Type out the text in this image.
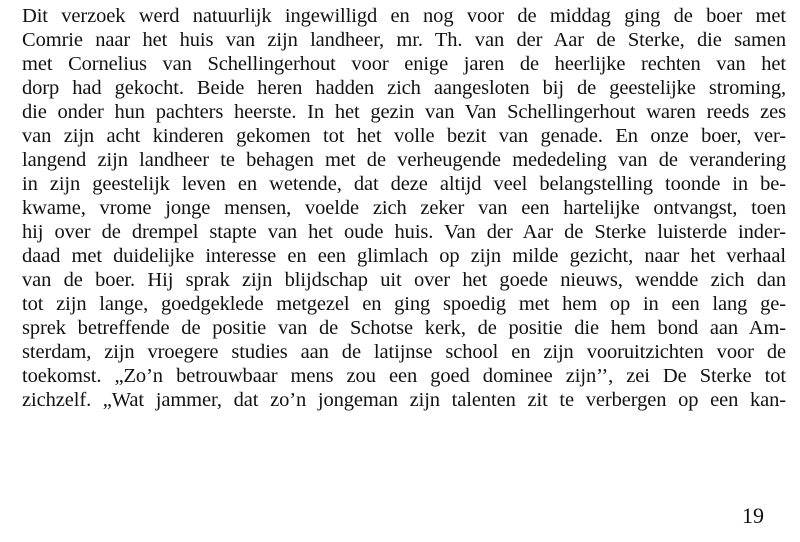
Dit verzoek werd natuurlijk ingewilligd en nog voor de middag ging de boer met
Comrie naar het huis van zijn landheer, mr. Th. van der Aar de Sterke, die samen
met Cornelius van Schellingerhout voor enige jaren de heerlijke rechten van het
dorp had gekocht. Beide heren hadden zich aangesloten bij de geestelijke stroming,
die onder hun pachters heerste. In het gezin van Van Schellingerhout waren reeds zes
van zijn acht kinderen gekomen tot het volle bezit van genade. En onze boer, ver-
langend zijn landheer te behagen met de verheugende mededeling van de verandering
in zijn geestelijk leven en wetende, dat deze altijd veel belangstelling toonde in be-
kwame, vrome jonge mensen, voelde zich zeker van een hartelijke ontvangst, toen
hij over de drempel stapte van het oude huis. Van der Aar de Sterke luisterde inder-
daad met duidelijke interesse en een glimlach op zijn milde gezicht, naar het verhaal
van de boer. Hij sprak zijn blijdschap uit over het goede nieuws, wendde zich dan
tot zijn lange, goedgeklede metgezel en ging spoedig met hem op in een lang ge-
sprek betreffende de positie van de Schotse kerk, de positie die hem bond aan Am-
sterdam, zijn vroegere studies aan de latijnse school en zijn vooruitzichten voor de
toekomst. „Zo’n betrouwbaar mens zou een goed dominee zijn’’, zei De Sterke tot
zichzelf. „Wat jammer, dat zo’n jongeman zijn talenten zit te verbergen op een kan-
19
